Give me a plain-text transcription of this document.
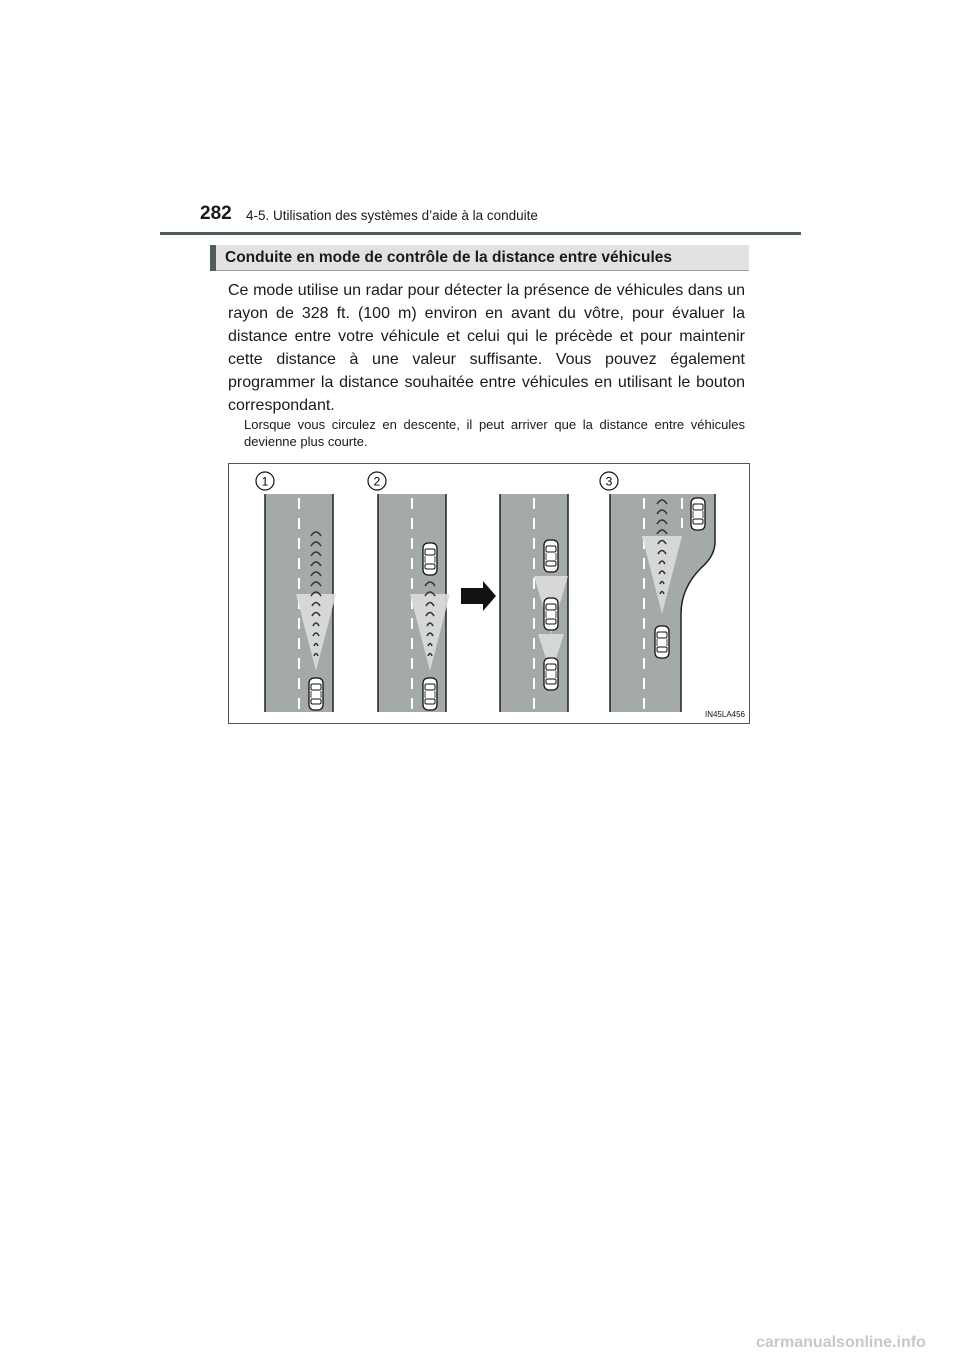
282 4-5. Utilisation des systèmes d’aide à la conduite
Conduite en mode de contrôle de la distance entre véhicules
Ce mode utilise un radar pour détecter la présence de véhicules dans un rayon de 328 ft. (100 m) environ en avant du vôtre, pour évaluer la distance entre votre véhicule et celui qui le précède et pour maintenir cette distance à une valeur suffisante. Vous pouvez également programmer la distance souhaitée entre véhicules en utilisant le bouton correspondant.
Lorsque vous circulez en descente, il peut arriver que la distance entre véhicules devienne plus courte.
1	2	3
IN45LA456
carmanualsonline.info
